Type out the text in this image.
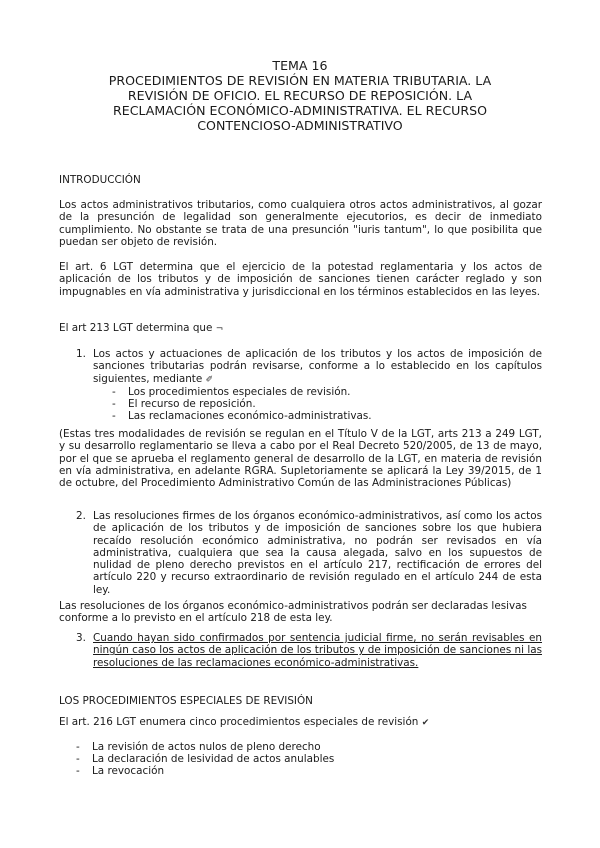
TEMA 16
PROCEDIMIENTOS DE REVISIÓN EN MATERIA TRIBUTARIA. LA
REVISIÓN DE OFICIO. EL RECURSO DE REPOSICIÓN. LA
RECLAMACIÓN ECONÓMICO-ADMINISTRATIVA. EL RECURSO
CONTENCIOSO-ADMINISTRATIVO
INTRODUCCIÓN
Los actos administrativos tributarios, como cualquiera otros actos administrativos, al gozar de la presunción de legalidad son generalmente ejecutorios, es decir de inmediato cumplimiento. No obstante se trata de una presunción "iuris tantum", lo que posibilita que puedan ser objeto de revisión.
El art. 6 LGT determina que el ejercicio de la potestad reglamentaria y los actos de aplicación de los tributos y de imposición de sanciones tienen carácter reglado y son impugnables en vía administrativa y jurisdiccional en los términos establecidos en las leyes.
El art 213 LGT determina que ¬
1. Los actos y actuaciones de aplicación de los tributos y los actos de imposición de sanciones tributarias podrán revisarse, conforme a lo establecido en los capítulos siguientes, mediante ✐
- Los procedimientos especiales de revisión.
- El recurso de reposición.
- Las reclamaciones económico-administrativas.
(Estas tres modalidades de revisión se regulan en el Título V de la LGT, arts 213 a 249 LGT, y su desarrollo reglamentario se lleva a cabo por el Real Decreto 520/2005, de 13 de mayo, por el que se aprueba el reglamento general de desarrollo de la LGT, en materia de revisión en vía administrativa, en adelante RGRA. Supletoriamente se aplicará la Ley 39/2015, de 1 de octubre, del Procedimiento Administrativo Común de las Administraciones Públicas)
2. Las resoluciones firmes de los órganos económico-administrativos, así como los actos de aplicación de los tributos y de imposición de sanciones sobre los que hubiera recaído resolución económico administrativa, no podrán ser revisados en vía administrativa, cualquiera que sea la causa alegada, salvo en los supuestos de nulidad de pleno derecho previstos en el artículo 217, rectificación de errores del artículo 220 y recurso extraordinario de revisión regulado en el artículo 244 de esta ley.
Las resoluciones de los órganos económico-administrativos podrán ser declaradas lesivas conforme a lo previsto en el artículo 218 de esta ley.
3. Cuando hayan sido confirmados por sentencia judicial firme, no serán revisables en ningún caso los actos de aplicación de los tributos y de imposición de sanciones ni las resoluciones de las reclamaciones económico-administrativas.
LOS PROCEDIMIENTOS ESPECIALES DE REVISIÓN
El art. 216 LGT enumera cinco procedimientos especiales de revisión ✔
- La revisión de actos nulos de pleno derecho
- La declaración de lesividad de actos anulables
- La revocación
